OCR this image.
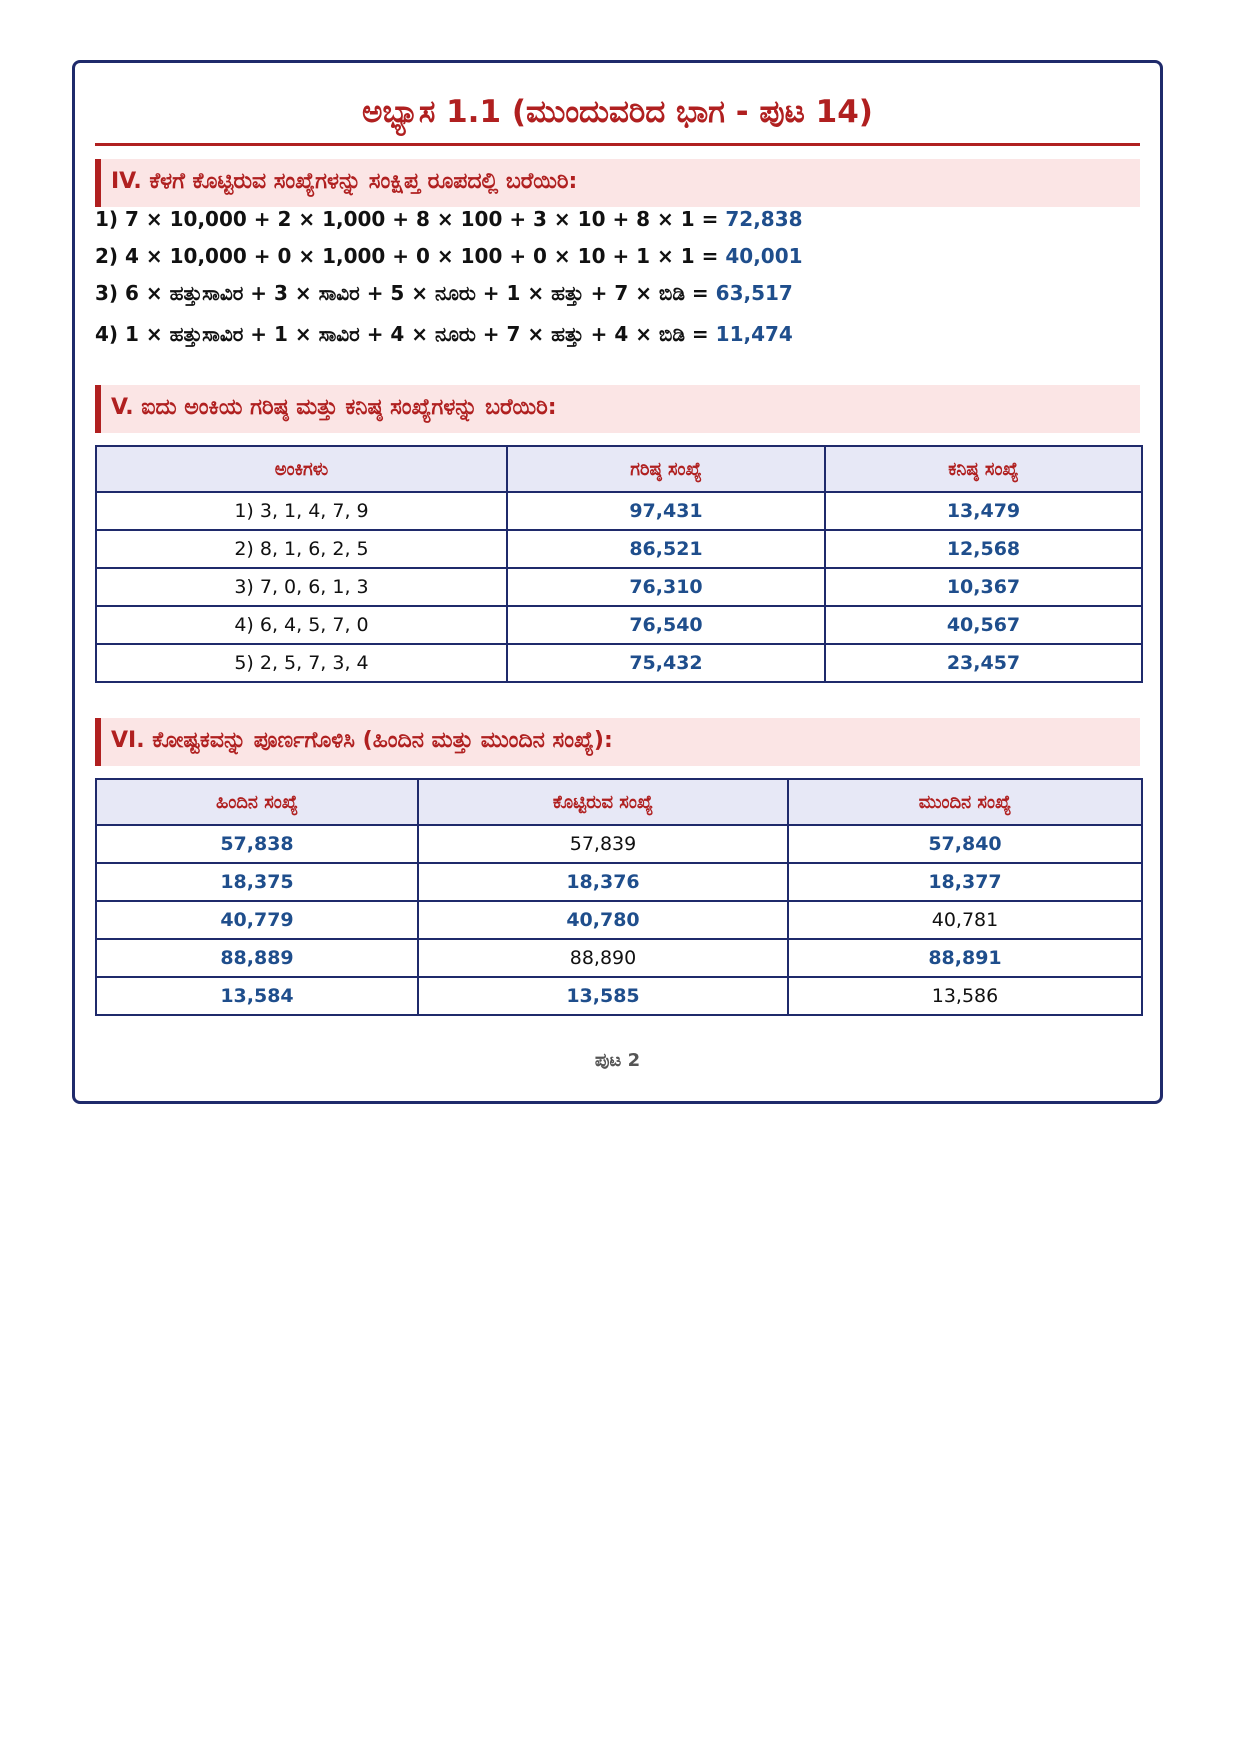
ಅಭ್ಯಾಸ 1.1 (ಮುಂದುವರಿದ ಭಾಗ - ಪುಟ 14)
IV. ಕೆಳಗೆ ಕೊಟ್ಟಿರುವ ಸಂಖ್ಯೆಗಳನ್ನು ಸಂಕ್ಷಿಪ್ತ ರೂಪದಲ್ಲಿ ಬರೆಯಿರಿ:
1) 7 × 10,000 + 2 × 1,000 + 8 × 100 + 3 × 10 + 8 × 1 = 72,838
2) 4 × 10,000 + 0 × 1,000 + 0 × 100 + 0 × 10 + 1 × 1 = 40,001
3) 6 × ಹತ್ತುಸಾವಿರ + 3 × ಸಾವಿರ + 5 × ನೂರು + 1 × ಹತ್ತು + 7 × ಬಿಡಿ = 63,517
4) 1 × ಹತ್ತುಸಾವಿರ + 1 × ಸಾವಿರ + 4 × ನೂರು + 7 × ಹತ್ತು + 4 × ಬಿಡಿ = 11,474
V. ಐದು ಅಂಕಿಯ ಗರಿಷ್ಠ ಮತ್ತು ಕನಿಷ್ಠ ಸಂಖ್ಯೆಗಳನ್ನು ಬರೆಯಿರಿ:
ಅಂಕಿಗಳು	ಗರಿಷ್ಠ ಸಂಖ್ಯೆ	ಕನಿಷ್ಠ ಸಂಖ್ಯೆ
1) 3, 1, 4, 7, 9	97,431	13,479
2) 8, 1, 6, 2, 5	86,521	12,568
3) 7, 0, 6, 1, 3	76,310	10,367
4) 6, 4, 5, 7, 0	76,540	40,567
5) 2, 5, 7, 3, 4	75,432	23,457
VI. ಕೋಷ್ಟಕವನ್ನು ಪೂರ್ಣಗೊಳಿಸಿ (ಹಿಂದಿನ ಮತ್ತು ಮುಂದಿನ ಸಂಖ್ಯೆ):
ಹಿಂದಿನ ಸಂಖ್ಯೆ	ಕೊಟ್ಟಿರುವ ಸಂಖ್ಯೆ	ಮುಂದಿನ ಸಂಖ್ಯೆ
57,838	57,839	57,840
18,375	18,376	18,377
40,779	40,780	40,781
88,889	88,890	88,891
13,584	13,585	13,586
ಪುಟ 2
